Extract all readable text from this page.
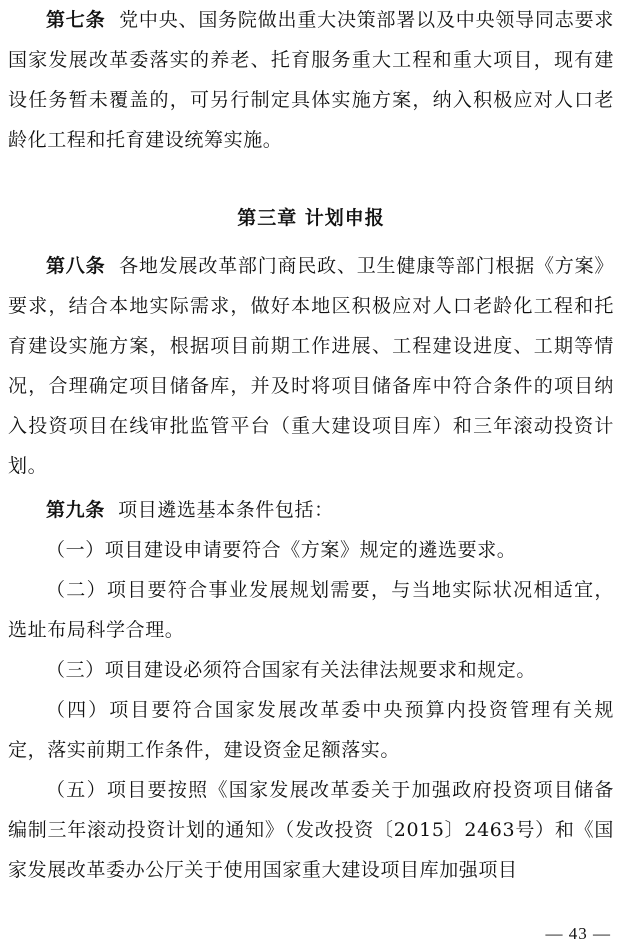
第七条 党中央、国务院做出重大决策部署以及中央领导同志要求国家发展改革委落实的养老、托育服务重大工程和重大项目，现有建设任务暂未覆盖的，可另行制定具体实施方案，纳入积极应对人口老龄化工程和托育建设统筹实施。

第三章 计划申报

第八条 各地发展改革部门商民政、卫生健康等部门根据《方案》要求，结合本地实际需求，做好本地区积极应对人口老龄化工程和托育建设实施方案，根据项目前期工作进展、工程建设进度、工期等情况，合理确定项目储备库，并及时将项目储备库中符合条件的项目纳入投资项目在线审批监管平台（重大建设项目库）和三年滚动投资计划。

第九条 项目遴选基本条件包括：

（一）项目建设申请要符合《方案》规定的遴选要求。

（二）项目要符合事业发展规划需要，与当地实际状况相适宜，选址布局科学合理。

（三）项目建设必须符合国家有关法律法规要求和规定。

（四）项目要符合国家发展改革委中央预算内投资管理有关规定，落实前期工作条件，建设资金足额落实。

（五）项目要按照《国家发展改革委关于加强政府投资项目储备编制三年滚动投资计划的通知》（发改投资〔2015〕2463号）和《国家发展改革委办公厅关于使用国家重大建设项目库加强项目

— 43 —
